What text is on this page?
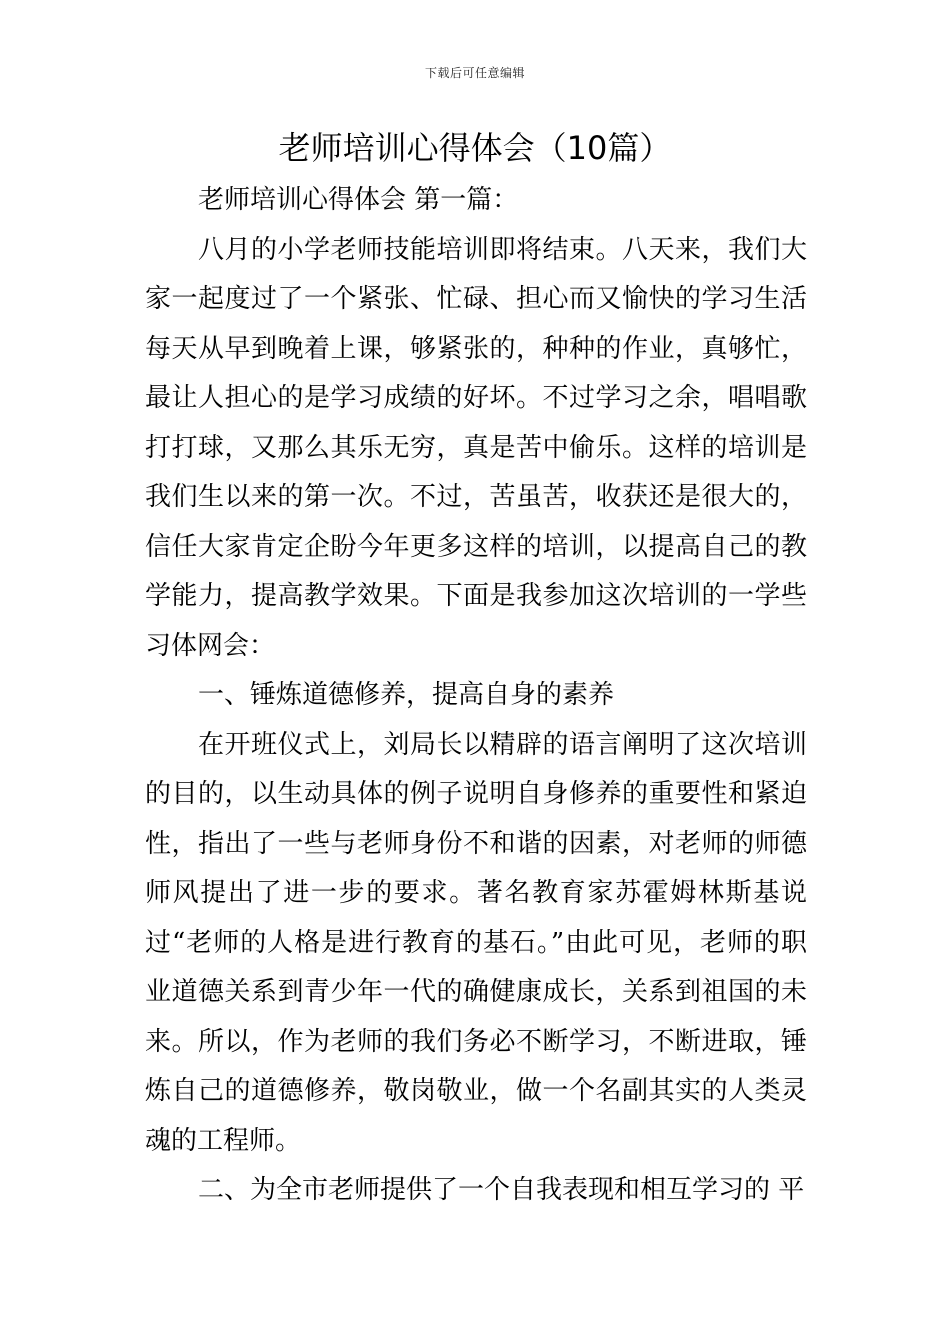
下载后可任意编辑
老师培训心得体会（10篇）

老师培训心得体会 第一篇：

八月的小学老师技能培训即将结束。八天来，我们大家一起度过了一个紧张、忙碌、担心而又愉快的学习生活每天从早到晚着上课，够紧张的，种种的作业，真够忙，最让人担心的是学习成绩的好坏。不过学习之余，唱唱歌打打球，又那么其乐无穷，真是苦中偷乐。这样的培训是我们生以来的第一次。不过，苦虽苦，收获还是很大的，信任大家肯定企盼今年更多这样的培训，以提高自己的教学能力，提高教学效果。下面是我参加这次培训的一学些习体网会：

一、锤炼道德修养，提高自身的素养

在开班仪式上，刘局长以精辟的语言阐明了这次培训的目的，以生动具体的例子说明自身修养的重要性和紧迫性，指出了一些与老师身份不和谐的因素，对老师的师德师风提出了进一步的要求。著名教育家苏霍姆林斯基说过“老师的人格是进行教育的基石。”由此可见，老师的职业道德关系到青少年一代的确健康成长，关系到祖国的未来。所以，作为老师的我们务必不断学习，不断进取，锤炼自己的道德修养，敬岗敬业，做一个名副其实的人类灵魂的工程师。

二、为全市老师提供了一个自我表现和相互学习的 平
